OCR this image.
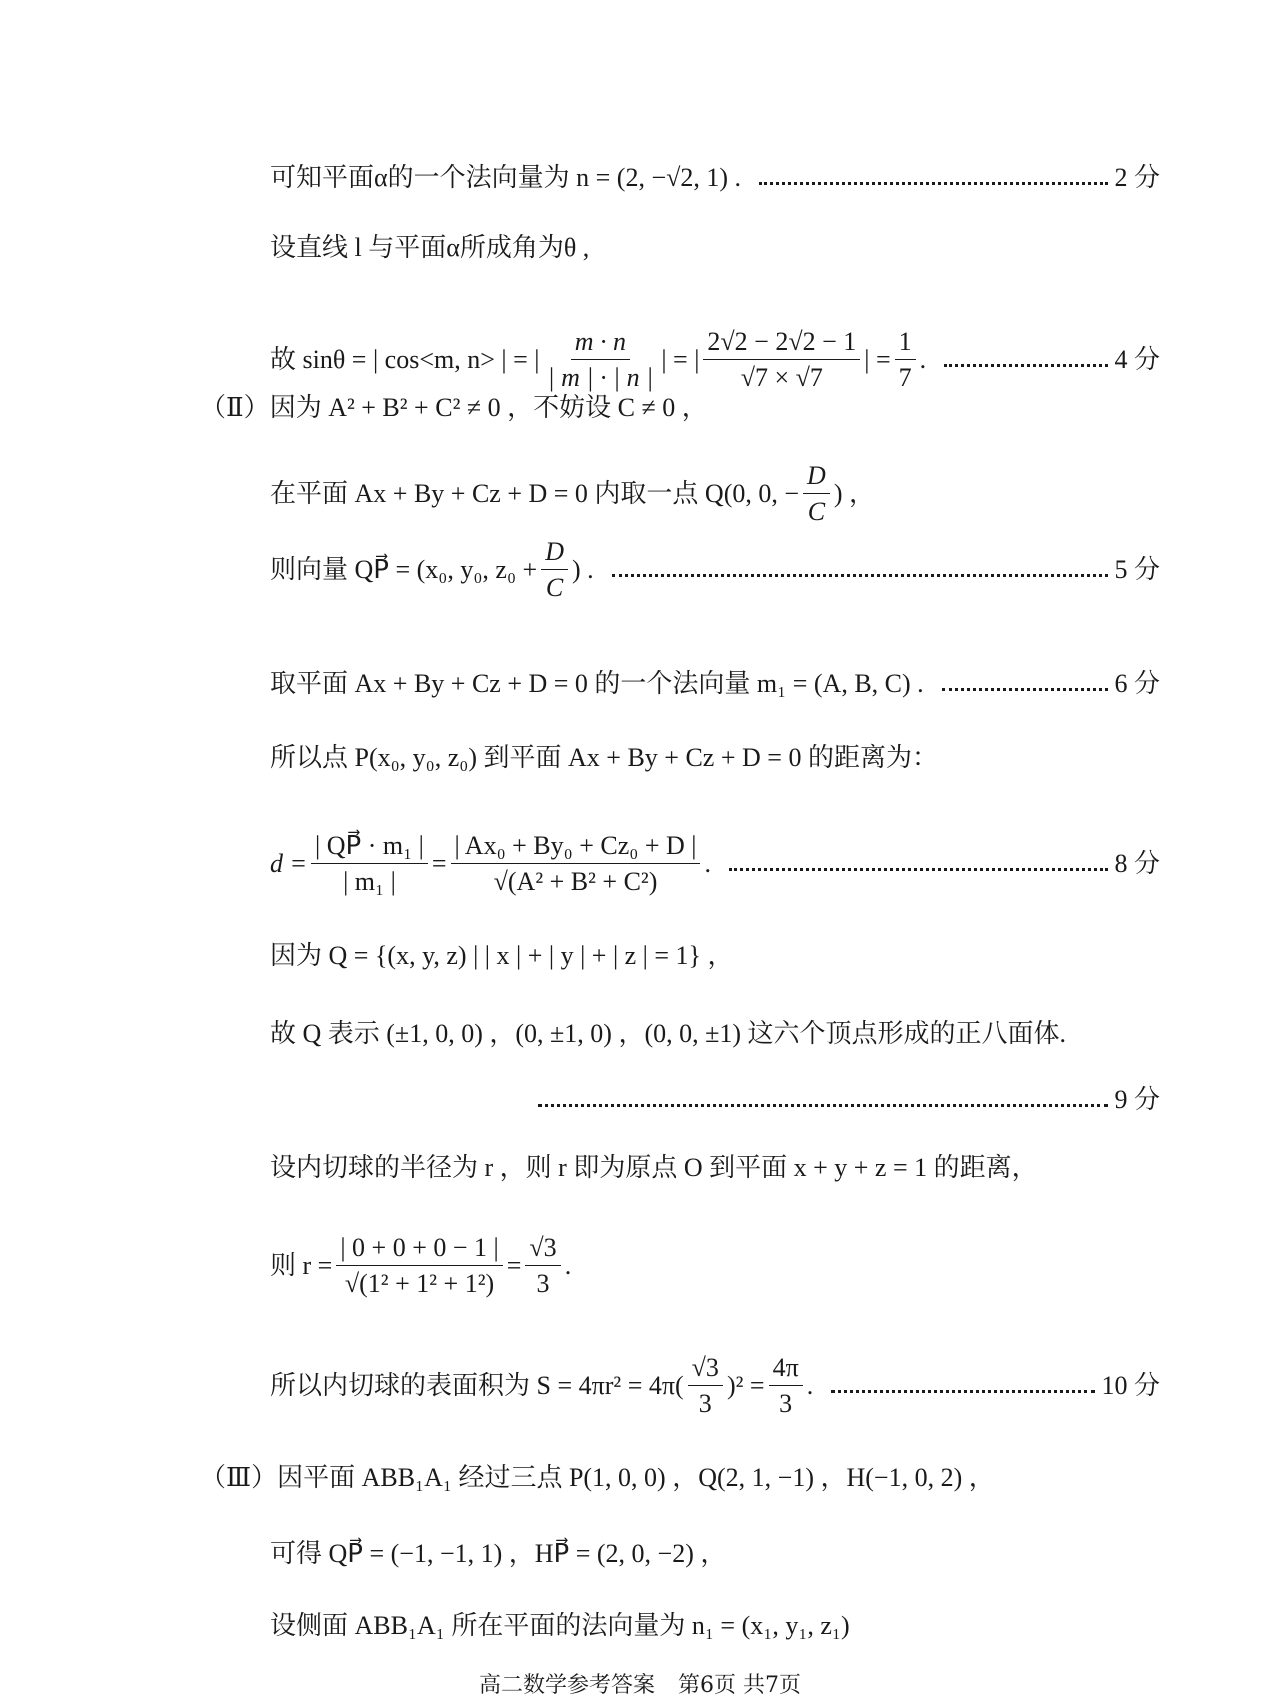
可知平面α的一个法向量为 n = (2, −√2, 1) .	2 分
设直线 l 与平面α所成角为θ ,
故 sinθ = | cos<m, n> | = | $\frac{m \cdot n}{| m | \cdot | n |}$ | = | $\frac{2√2 - 2√2 - 1}{√7 \times √7}$ | = $\frac{1}{7}$ .	4 分
（Ⅱ） 因为 A² + B² + C² ≠ 0 ，不妨设 C ≠ 0 ，
在平面 Ax + By + Cz + D = 0 内取一点 Q(0, 0, − $\frac{D}{C}$ ) ，
则向量 QP⃗ = (x₀, y₀, $z_0 + \frac{D}{C}$ ) .	5 分
取平面 Ax + By + Cz + D = 0 的一个法向量 m₁ = (A, B, C) .	6 分
所以点 P(x₀, y₀, z₀) 到平面 Ax + By + Cz + D = 0 的距离为：
$d = \frac{\text{| QP⃗ · m₁ |}}{\text{| m₁ |}} = \frac{\text{| Ax₀ + By₀ + Cz₀ + D |}}{\text{√(A² + B² + C²)}}$ .	8 分
因为 Q = {(x, y, z) | | x | + | y | + | z | = 1} ，
故 Q 表示 (±1, 0, 0) ，(0, ±1, 0) ，(0, 0, ±1) 这六个顶点形成的正八面体.
9 分
设内切球的半径为 r ，则 r 即为原点 O 到平面 x + y + z = 1 的距离，
则 $r = \frac{| 0 + 0 + 0 - 1 |}{\text{√(1² + 1² + 1²)}} = \frac{√3}{3}$ .
所以内切球的表面积为 $S = 4\pi r^2 = 4\pi( \frac{√3}{3} )^2 = \frac{4\pi}{3}$ .	10 分
（Ⅲ） 因平面 ABB₁A₁ 经过三点 P(1, 0, 0) ，Q(2, 1, −1) ，H(−1, 0, 2) ，
可得 QP⃗ = (−1, −1, 1) ，HP⃗ = (2, 0, −2) ，
设侧面 ABB₁A₁ 所在平面的法向量为 n₁ = (x₁, y₁, z₁)
高二数学参考答案 第6页 共7页
